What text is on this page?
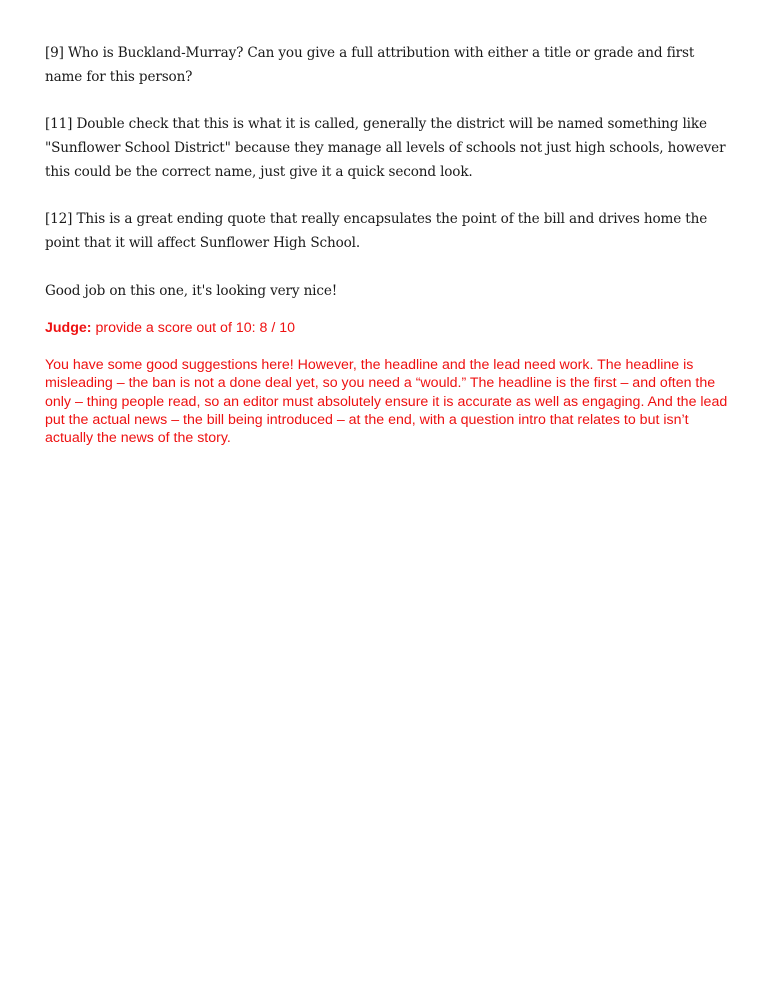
[9] Who is Buckland-Murray? Can you give a full attribution with either a title or grade and first name for this person?

[11] Double check that this is what it is called, generally the district will be named something like "Sunflower School District" because they manage all levels of schools not just high schools, however this could be the correct name, just give it a quick second look.

[12] This is a great ending quote that really encapsulates the point of the bill and drives home the point that it will affect Sunflower High School.

Good job on this one, it's looking very nice!

Judge: provide a score out of 10: 8 / 10

You have some good suggestions here! However, the headline and the lead need work. The headline is misleading – the ban is not a done deal yet, so you need a “would.” The headline is the first – and often the only – thing people read, so an editor must absolutely ensure it is accurate as well as engaging. And the lead put the actual news – the bill being introduced – at the end, with a question intro that relates to but isn’t actually the news of the story.
